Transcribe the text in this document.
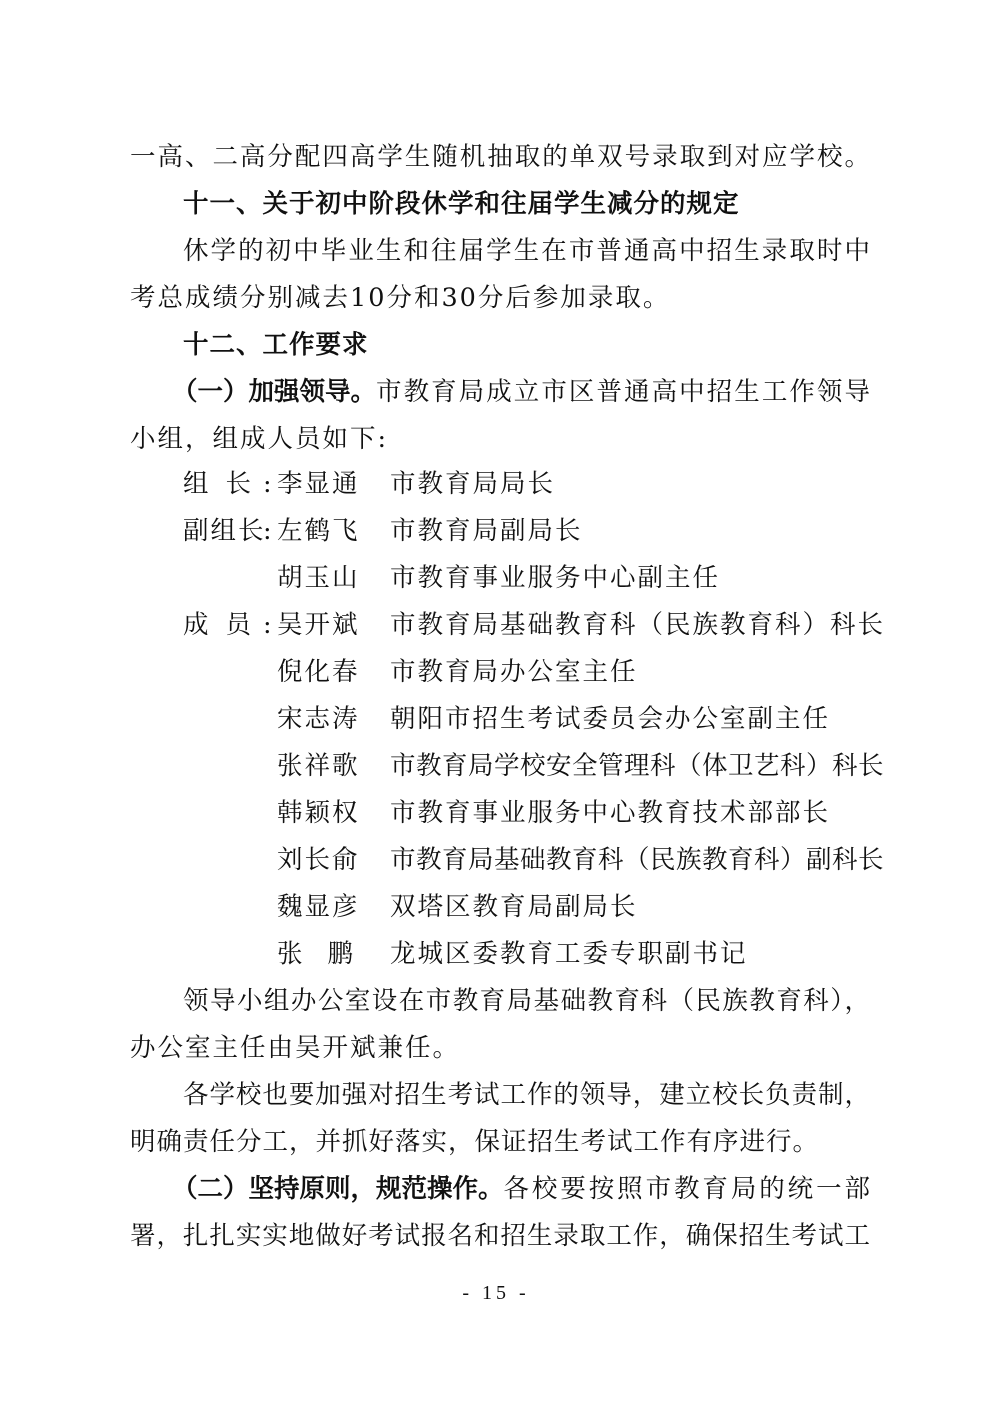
一高、二高分配四高学生随机抽取的单双号录取到对应学校。
十一、关于初中阶段休学和往届学生减分的规定
休学的初中毕业生和往届学生在市普通高中招生录取时中
考总成绩分别减去10分和30分后参加录取。
十二、工作要求
（一）加强领导。 市教育局成立市区普通高中招生工作领导
小组，组成人员如下:
组 长 : 李 显 通 市教育局局长
副 组 长
: 左 鹤 飞 市教育局副局长
胡 玉 山 市教育事业服务中心副主任
成 员 : 吴 开 斌 市教育局基础教育科（民族教育科）科长
倪 化 春 市教育局办公室主任
宋 志 涛 朝阳市招生考试委员会办公室副主任
张 祥 歌 市教育局学校安全管理科（体卫艺科）科长
韩 颖 权 市教育事业服务中心教育技术部部长
刘 长 俞 市教育局基础教育科（民族教育科）副科长
魏 显 彦 双塔区教育局副局长
张 鹏 龙城区委教育工委专职副书记
领导小组办公室设在市教育局基础教育科（民族教育科），
办公室主任由吴开斌兼任。
各学校也要加强对招生考试工作的领导，建立校长负责制，
明确责任分工，并抓好落实，保证招生考试工作有序进行。
（二）坚持原则，规范操作。 各校要按照市教育局的统一部
署，扎扎实实地做好考试报名和招生录取工作，确保招生考试工
- 15 -
